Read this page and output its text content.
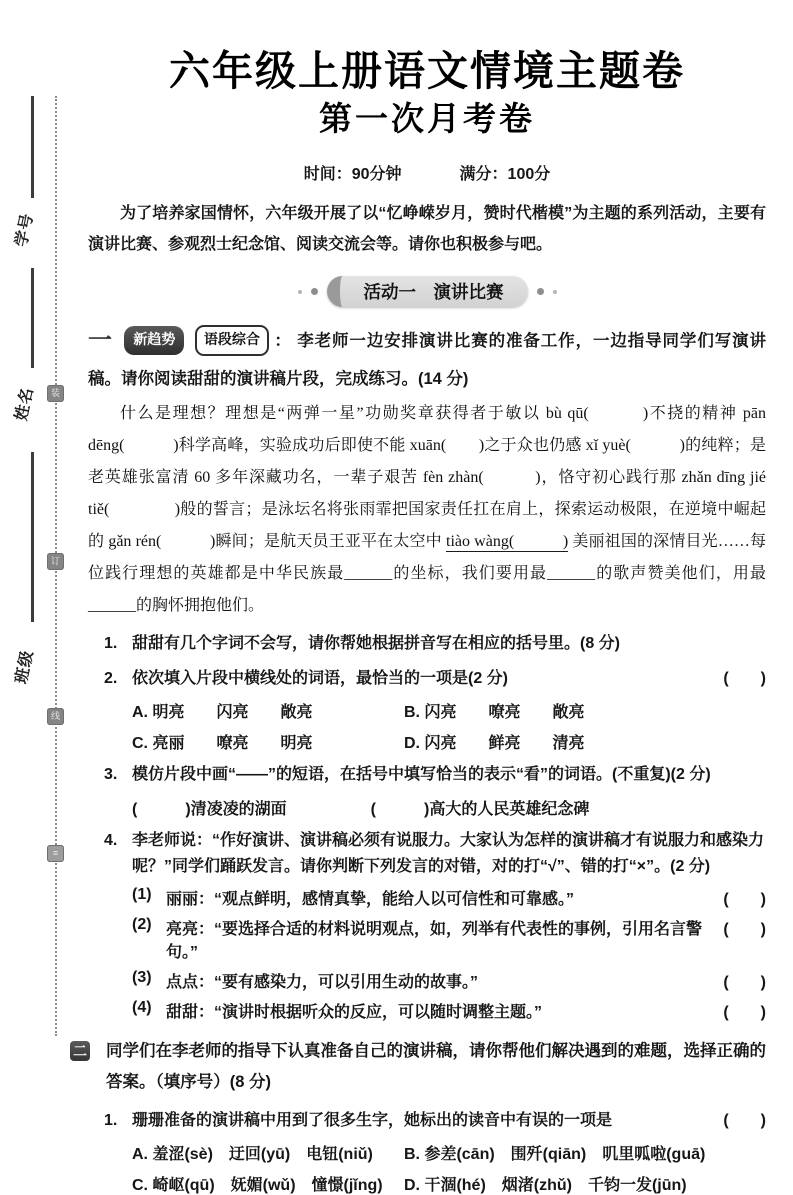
学号
姓名
班级
装
订
线
≡
六年级上册语文情境主题卷
第一次月考卷
时间：90分钟	满分：100分

为了培养家国情怀，六年级开展了以“忆峥嵘岁月，赞时代楷模”为主题的系列活动，主要有演讲比赛、参观烈士纪念馆、阅读交流会等。请你也积极参与吧。

活动一　演讲比赛
一 新趋势 语段综合 ： 李老师一边安排演讲比赛的准备工作，一边指导同学们写演讲稿。请你阅读甜甜的演讲稿片段，完成练习。(14 分)
什么是理想？理想是“两弹一星”功勋奖章获得者于敏以 bù qū(　　　)不挠的精神 pān dēng(　　　)科学高峰，实验成功后即使不能 xuān(　　)之于众也仍感 xǐ yuè(　　　)的纯粹；是老英雄张富清 60 多年深藏功名，一辈子艰苦 fèn zhàn(　　　)，恪守初心践行那 zhǎn dīng jié tiě(　　　　)般的誓言；是泳坛名将张雨霏把国家责任扛在肩上，探索运动极限，在逆境中崛起的 gǎn rén(　　　)瞬间；是航天员王亚平在太空中 tiào wàng(　　　) 美丽祖国的深情目光……每位践行理想的英雄都是中华民族最______的坐标，我们要用最______的歌声赞美他们，用最______的胸怀拥抱他们。
1. 甜甜有几个字词不会写，请你帮她根据拼音写在相应的括号里。(8 分)
2. 依次填入片段中横线处的词语，最恰当的一项是(2 分)	(　　)
A. 明亮　　闪亮　　敞亮	B. 闪亮　　嘹亮　　敞亮
C. 亮丽　　嘹亮　　明亮	D. 闪亮　　鲜亮　　清亮
3. 模仿片段中画“——”的短语，在括号中填写恰当的表示“看”的词语。(不重复)(2 分)
(　　　)清凌凌的湖面	(　　　)高大的人民英雄纪念碑
4. 李老师说：“作好演讲、演讲稿必须有说服力。大家认为怎样的演讲稿才有说服力和感染力呢？”同学们踊跃发言。请你判断下列发言的对错，对的打“√”、错的打“×”。(2 分)
(1) 丽丽：“观点鲜明，感情真挚，能给人以可信性和可靠感。”	(　　)
(2) 亮亮：“要选择合适的材料说明观点，如，列举有代表性的事例，引用名言警句。”
(　　)
(3) 点点：“要有感染力，可以引用生动的故事。”	(　　)
(4) 甜甜：“演讲时根据听众的反应，可以随时调整主题。”	(　　)
二 同学们在李老师的指导下认真准备自己的演讲稿，请你帮他们解决遇到的难题，选择正确的答案。（填序号）(8 分)
1. 珊珊准备的演讲稿中用到了很多生字，她标出的读音中有误的一项是	(　　)
A. 羞涩(sè)　迂回(yū)　电钮(niǔ)	B. 参差(cān)　围歼(qiān)　叽里呱啦(guā)
C. 崎岖(qū)　妩媚(wǔ)　憧憬(jǐng)	D. 干涸(hé)　烟渚(zhǔ)　千钧一发(jūn)
